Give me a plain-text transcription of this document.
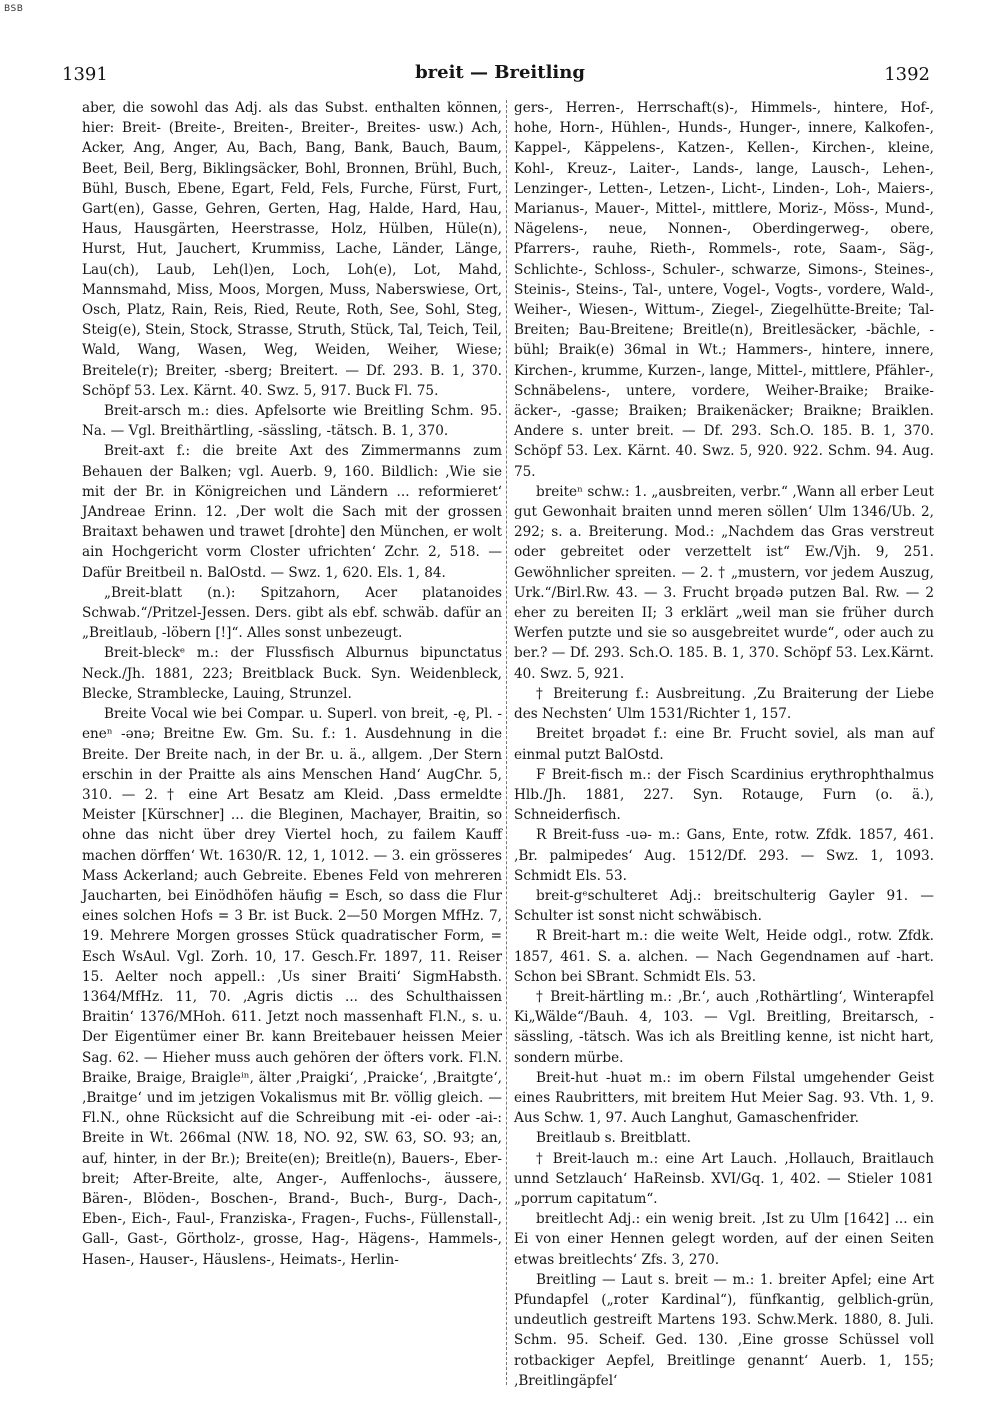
BSB
1391	breit — Breitling	1392

aber, die sowohl das Adj. als das Subst. enthalten können, hier: Breit- (Breite-, Breiten-, Breiter-, Breites- usw.) Ach, Acker, Ang, Anger, Au, Bach, Bang, Bank, Bauch, Baum, Beet, Beil, Berg, Biklingsäcker, Bohl, Bronnen, Brühl, Buch, Bühl, Busch, Ebene, Egart, Feld, Fels, Furche, Fürst, Furt, Gart(en), Gasse, Gehren, Gerten, Hag, Halde, Hard, Hau, Haus, Hausgärten, Heerstrasse, Holz, Hülben, Hüle(n), Hurst, Hut, Jauchert, Krummiss, Lache, Länder, Länge, Lau(ch), Laub, Leh(l)en, Loch, Loh(e), Lot, Mahd, Mannsmahd, Miss, Moos, Morgen, Muss, Naberswiese, Ort, Osch, Platz, Rain, Reis, Ried, Reute, Roth, See, Sohl, Steg, Steig(e), Stein, Stock, Strasse, Struth, Stück, Tal, Teich, Teil, Wald, Wang, Wasen, Weg, Weiden, Weiher, Wiese; Breitele(r); Breiter, -sberg; Breitert. — Df. 293. B. 1, 370. Schöpf 53. Lex. Kärnt. 40. Swz. 5, 917. Buck Fl. 75.

Breit-arsch m.: dies. Apfelsorte wie Breitling Schm. 95. Na. — Vgl. Breithärtling, -sässling, -tätsch. B. 1, 370.

Breit-axt f.: die breite Axt des Zimmermanns zum Behauen der Balken; vgl. Auerb. 9, 160. Bildlich: ‚Wie sie mit der Br. in Königreichen und Ländern ... reformieret‘ JAndreae Erinn. 12. ‚Der wolt die Sach mit der grossen Braitaxt behawen und trawet [drohte] den München, er wolt ain Hochgericht vorm Closter ufrichten‘ Zchr. 2, 518. — Dafür Breitbeil n. BalOstd. — Swz. 1, 620. Els. 1, 84.

„Breit-blatt (n.): Spitzahorn, Acer platanoides Schwab.“/Pritzel-Jessen. Ders. gibt als ebf. schwäb. dafür an „Breitlaub, -löbern [!]“. Alles sonst unbezeugt.

Breit-bleckᵉ m.: der Flussfisch Alburnus bipunctatus Neck./Jh. 1881, 223; Breitblack Buck. Syn. Weidenbleck, Blecke, Stramblecke, Lauing, Strunzel.

Breite Vocal wie bei Compar. u. Superl. von breit, -ę, Pl. -eneⁿ -ənə; Breitne Ew. Gm. Su. f.: 1. Ausdehnung in die Breite. Der Breite nach, in der Br. u. ä., allgem. ‚Der Stern erschin in der Praitte als ains Menschen Hand‘ AugChr. 5, 310. — 2. † eine Art Besatz am Kleid. ‚Dass ermeldte Meister [Kürschner] ... die Bleginen, Machayer, Braitin, so ohne das nicht über drey Viertel hoch, zu failem Kauff machen dörffen‘ Wt. 1630/R. 12, 1, 1012. — 3. ein grösseres Mass Ackerland; auch Gebreite. Ebenes Feld von mehreren Jaucharten, bei Einödhöfen häufig = Esch, so dass die Flur eines solchen Hofs = 3 Br. ist Buck. 2—50 Morgen MfHz. 7, 19. Mehrere Morgen grosses Stück quadratischer Form, = Esch WsAul. Vgl. Zorh. 10, 17. Gesch.Fr. 1897, 11. Reiser 15. Aelter noch appell.: ‚Us siner Braiti‘ SigmHabsth. 1364/MfHz. 11, 70. ‚Agris dictis ... des Schulthaissen Braitin‘ 1376/MHoh. 611. Jetzt noch massenhaft Fl.N., s. u. Der Eigentümer einer Br. kann Breitebauer heissen Meier Sag. 62. — Hieher muss auch gehören der öfters vork. Fl.N. Braike, Braige, Braigleⁱⁿ, älter ‚Praigki‘, ‚Praicke‘, ‚Braitgte‘, ‚Braitge‘ und im jetzigen Vokalismus mit Br. völlig gleich. — Fl.N., ohne Rücksicht auf die Schreibung mit -ei- oder -ai-: Breite in Wt. 266mal (NW. 18, NO. 92, SW. 63, SO. 93; an, auf, hinter, in der Br.); Breite(en); Breitle(n), Bauers-, Eber-breit; After-Breite, alte, Anger-, Auffenlochs-, äussere, Bären-, Blöden-, Boschen-, Brand-, Buch-, Burg-, Dach-, Eben-, Eich-, Faul-, Franziska-, Fragen-, Fuchs-, Füllenstall-, Gall-, Gast-, Görtholz-, grosse, Hag-, Hägens-, Hammels-, Hasen-, Hauser-, Häuslens-, Heimats-, Herlin-

gers-, Herren-, Herrschaft(s)-, Himmels-, hintere, Hof-, hohe, Horn-, Hühlen-, Hunds-, Hunger-, innere, Kalkofen-, Kappel-, Käppelens-, Katzen-, Kellen-, Kirchen-, kleine, Kohl-, Kreuz-, Laiter-, Lands-, lange, Lausch-, Lehen-, Lenzinger-, Letten-, Letzen-, Licht-, Linden-, Loh-, Maiers-, Marianus-, Mauer-, Mittel-, mittlere, Moriz-, Möss-, Mund-, Nägelens-, neue, Nonnen-, Oberdingerweg-, obere, Pfarrers-, rauhe, Rieth-, Rommels-, rote, Saam-, Säg-, Schlichte-, Schloss-, Schuler-, schwarze, Simons-, Steines-, Steinis-, Steins-, Tal-, untere, Vogel-, Vogts-, vordere, Wald-, Weiher-, Wiesen-, Wittum-, Ziegel-, Ziegelhütte-Breite; Tal-Breiten; Bau-Breitene; Breitle(n), Breitlesäcker, -bächle, -bühl; Braik(e) 36mal in Wt.; Hammers-, hintere, innere, Kirchen-, krumme, Kurzen-, lange, Mittel-, mittlere, Pfähler-, Schnäbelens-, untere, vordere, Weiher-Braike; Braike-äcker-, -gasse; Braiken; Braikenäcker; Braikne; Braiklen. Andere s. unter breit. — Df. 293. Sch.O. 185. B. 1, 370. Schöpf 53. Lex. Kärnt. 40. Swz. 5, 920. 922. Schm. 94. Aug. 75.

breiteⁿ schw.: 1. „ausbreiten, verbr.“ ‚Wann all erber Leut gut Gewonhait braiten unnd meren söllen‘ Ulm 1346/Ub. 2, 292; s. a. Breiterung. Mod.: „Nachdem das Gras verstreut oder gebreitet oder verzettelt ist“ Ew./Vjh. 9, 251. Gewöhnlicher spreiten. — 2. † „mustern, vor jedem Auszug, Urk.“/Birl.Rw. 43. — 3. Frucht brǫadə putzen Bal. Rw. — 2 eher zu bereiten II; 3 erklärt „weil man sie früher durch Werfen putzte und sie so ausgebreitet wurde“, oder auch zu ber.? — Df. 293. Sch.O. 185. B. 1, 370. Schöpf 53. Lex.Kärnt. 40. Swz. 5, 921.

† Breiterung f.: Ausbreitung. ‚Zu Braiterung der Liebe des Nechsten‘ Ulm 1531/Richter 1, 157.

Breitet brǫadət f.: eine Br. Frucht soviel, als man auf einmal putzt BalOstd.

F Breit-fisch m.: der Fisch Scardinius erythrophthalmus Hlb./Jh. 1881, 227. Syn. Rotauge, Furn (o. ä.), Schneiderfisch.

R Breit-fuss -uə- m.: Gans, Ente, rotw. Zfdk. 1857, 461. ‚Br. palmipedes‘ Aug. 1512/Df. 293. — Swz. 1, 1093. Schmidt Els. 53.

breit-gᵉschulteret Adj.: breitschulterig Gayler 91. — Schulter ist sonst nicht schwäbisch.

R Breit-hart m.: die weite Welt, Heide odgl., rotw. Zfdk. 1857, 461. S. a. alchen. — Nach Gegendnamen auf -hart. Schon bei SBrant. Schmidt Els. 53.

† Breit-härtling m.: ‚Br.‘, auch ‚Rothärtling‘, Winterapfel Ki„Wälde“/Bauh. 4, 103. — Vgl. Breitling, Breitarsch, -sässling, -tätsch. Was ich als Breitling kenne, ist nicht hart, sondern mürbe.

Breit-hut -huət m.: im obern Filstal umgehender Geist eines Raubritters, mit breitem Hut Meier Sag. 93. Vth. 1, 9. Aus Schw. 1, 97. Auch Langhut, Gamaschenfrider.

Breitlaub s. Breitblatt.

† Breit-lauch m.: eine Art Lauch. ‚Hollauch, Braitlauch unnd Setzlauch‘ HaReinsb. XVI/Gq. 1, 402. — Stieler 1081 „porrum capitatum“.

breitlecht Adj.: ein wenig breit. ‚Ist zu Ulm [1642] ... ein Ei von einer Hennen gelegt worden, auf der einen Seiten etwas breitlechts‘ Zfs. 3, 270.

Breitling — Laut s. breit — m.: 1. breiter Apfel; eine Art Pfundapfel („roter Kardinal“), fünfkantig, gelblich-grün, undeutlich gestreift Martens 193. Schw.Merk. 1880, 8. Juli. Schm. 95. Scheif. Ged. 130. ‚Eine grosse Schüssel voll rotbackiger Aepfel, Breitlinge genannt‘ Auerb. 1, 155; ‚Breitlingäpfel‘
